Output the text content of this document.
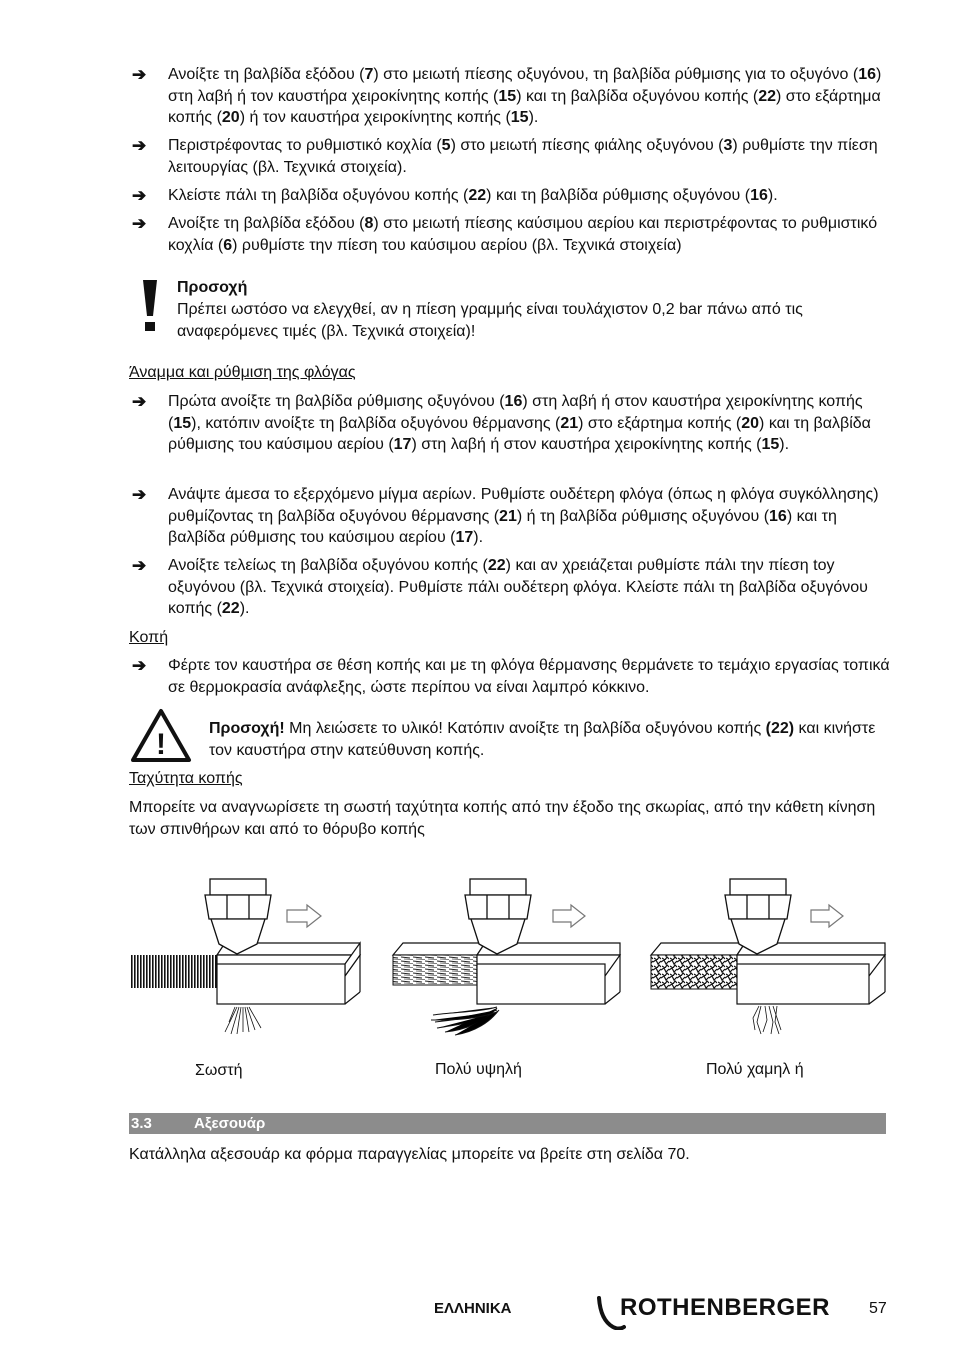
➔ Ανοίξτε τη βαλβίδα εξόδου (7) στο μειωτή πίεσης οξυγόνου, τη βαλβίδα ρύθμισης για το οξυγόνο (16) στη λαβή ή τον καυστήρα χειροκίνητης κοπής (15) και τη βαλβίδα οξυγόνου κοπής (22) στο εξάρτημα κοπής (20) ή τον καυστήρα χειροκίνητης κοπής (15).
➔ Περιστρέφοντας το ρυθμιστικό κοχλία (5) στο μειωτή πίεσης φιάλης οξυγόνου (3) ρυθμίστε την πίεση λειτουργίας (βλ. Τεχνικά στοιχεία).
➔ Κλείστε πάλι τη βαλβίδα οξυγόνου κοπής (22) και τη βαλβίδα ρύθμισης οξυγόνου (16).
➔ Ανοίξτε τη βαλβίδα εξόδου (8) στο μειωτή πίεσης καύσιμου αερίου και περιστρέφοντας το ρυθμιστικό κοχλία (6) ρυθμίστε την πίεση του καύσιμου αερίου (βλ. Τεχνικά στοιχεία)
Προσοχή
Πρέπει ωστόσο να ελεγχθεί, αν η πίεση γραμμής είναι τουλάχιστον 0,2 bar πάνω από τις αναφερόμενες τιμές (βλ. Τεχνικά στοιχεία)!
Άναμμα και ρύθμιση της φλόγας
➔ Πρώτα ανοίξτε τη βαλβίδα ρύθμισης οξυγόνου (16) στη λαβή ή στον καυστήρα χειροκίνητης κοπής (15), κατόπιν ανοίξτε τη βαλβίδα οξυγόνου θέρμανσης (21) στο εξάρτημα κοπής (20) και τη βαλβίδα ρύθμισης του καύσιμου αερίου (17) στη λαβή ή στον καυστήρα χειροκίνητης κοπής (15).
➔ Ανάψτε άμεσα το εξερχόμενο μίγμα αερίων. Ρυθμίστε ουδέτερη φλόγα (όπως η φλόγα συγκόλλησης) ρυθμίζοντας τη βαλβίδα οξυγόνου θέρμανσης (21) ή τη βαλβίδα ρύθμισης οξυγόνου (16) και τη βαλβίδα ρύθμισης του καύσιμου αερίου (17).
➔ Ανοίξτε τελείως τη βαλβίδα οξυγόνου κοπής (22) και αν χρειάζεται ρυθμίστε πάλι την πίεση toy οξυγόνου (βλ. Τεχνικά στοιχεία). Ρυθμίστε πάλι ουδέτερη φλόγα. Κλείστε πάλι τη βαλβίδα οξυγόνου κοπής (22).
Κοπή
➔ Φέρτε τον καυστήρα σε θέση κοπής και με τη φλόγα θέρμανσης θερμάνετε το τεμάχιο εργασίας τοπικά σε θερμοκρασία ανάφλεξης, ώστε περίπου να είναι λαμπρό κόκκινο.
!	Προσοχή! Μη λειώσετε το υλικό! Κατόπιν ανοίξτε τη βαλβίδα οξυγόνου κοπής (22) και κινήστε τον καυστήρα στην κατεύθυνση κοπής.
Ταχύτητα κοπής
Μπορείτε να αναγνωρίσετε τη σωστή ταχύτητα κοπής από την έξοδο της σκωρίας, από την κάθετη κίνηση των σπινθήρων και από το θόρυβο κοπής
Σωστή	Πολύ υψηλή	Πολύ χαμηλ ή
3.3	Αξεσουάρ
Κατάλληλα αξεσουάρ κα φόρμα παραγγελίας μπορείτε να βρείτε στη σελίδα 70.
ΕΛΛΗΝΙΚΑ	ROTHENBERGER 57
